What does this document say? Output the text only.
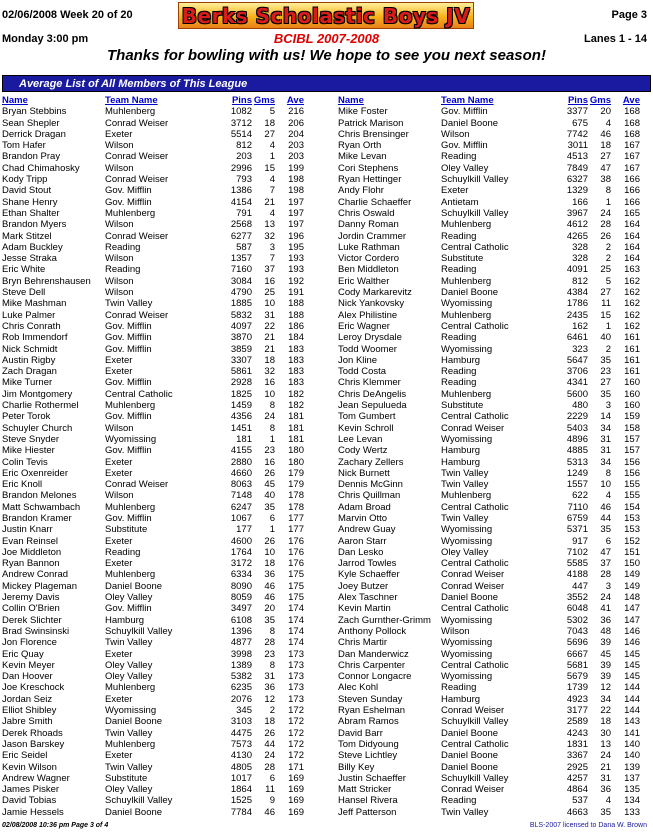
02/06/2008 Week 20 of 20 Berks Scholastic Boys JV	Page 3
Monday 3:00 pm	BCIBL 2007-2008	Lanes 1 - 14
Thanks for bowling with us! We hope to see you next season!
Average List of All Members of This League
Name	Team Name	Pins Gms	Ave
Bryan Stebbins	Muhlenberg	1082	5	216
Sean Shepler	Conrad Weiser	3712	18	206
Derrick Dragan	Exeter	5514	27	204
Tom Hafer	Wilson	812	4	203
Brandon Pray	Conrad Weiser	203	1	203
Chad Chimahosky	Wilson	2996	15	199
Kody Tripp	Conrad Weiser	793	4	198
David Stout	Gov. Mifflin	1386	7	198
Shane Henry	Gov. Mifflin	4154	21	197
Ethan Shalter	Muhlenberg	791	4	197
Brandon Myers	Wilson	2568	13	197
Mark Stitzel	Conrad Weiser	6277	32	196
Adam Buckley	Reading	587	3	195
Jesse Straka	Wilson	1357	7	193
Eric White	Reading	7160	37	193
Bryn Behrenshausen	Wilson	3084	16	192
Steve Dell	Wilson	4790	25	191
Mike Mashman	Twin Valley	1885	10	188
Luke Palmer	Conrad Weiser	5832	31	188
Chris Conrath	Gov. Mifflin	4097	22	186
Rob Immendorf	Gov. Mifflin	3870	21	184
Nick Schmidt	Gov. Mifflin	3859	21	183
Austin Rigby	Exeter	3307	18	183
Zach Dragan	Exeter	5861	32	183
Mike Turner	Gov. Mifflin	2928	16	183
Jim Montgomery	Central Catholic	1825	10	182
Charlie Rothermel	Muhlenberg	1459	8	182
Peter Torok	Gov. Mifflin	4356	24	181
Schuyler Church	Wilson	1451	8	181
Steve Snyder	Wyomissing	181	1	181
Mike Hiester	Gov. Mifflin	4155	23	180
Colin Tevis	Exeter	2880	16	180
Eric Oxenreider	Exeter	4660	26	179
Eric Knoll	Conrad Weiser	8063	45	179
Brandon Melones	Wilson	7148	40	178
Matt Schwambach	Muhlenberg	6247	35	178
Brandon Kramer	Gov. Mifflin	1067	6	177
Justin Knarr	Substitute	177	1	177
Evan Reinsel	Exeter	4600	26	176
Joe Middleton	Reading	1764	10	176
Ryan Bannon	Exeter	3172	18	176
Andrew Conrad	Muhlenberg	6334	36	175
Mickey Plageman	Daniel Boone	8090	46	175
Jeremy Davis	Oley Valley	8059	46	175
Collin O'Brien	Gov. Mifflin	3497	20	174
Derek Slichter	Hamburg	6108	35	174
Brad Swinsinski	Schuylkill Valley	1396	8	174
Jon Florence	Twin Valley	4877	28	174
Eric Quay	Exeter	3998	23	173
Kevin Meyer	Oley Valley	1389	8	173
Dan Hoover	Oley Valley	5382	31	173
Joe Kreschock	Muhlenberg	6235	36	173
Jordan Seiz	Exeter	2076	12	173
Elliot Shibley	Wyomissing	345	2	172
Jabre Smith	Daniel Boone	3103	18	172
Derek Rhoads	Twin Valley	4475	26	172
Jason Barskey	Muhlenberg	7573	44	172
Eric Seidel	Exeter	4130	24	172
Kevin Wilson	Twin Valley	4805	28	171
Andrew Wagner	Substitute	1017	6	169
James Pisker	Oley Valley	1864	11	169
David Tobias	Schuylkill Valley	1525	9	169
Jamie Hessels	Daniel Boone	7784	46	169
Name	Team Name	Pins Gms	Ave
Mike Foster	Gov. Mifflin	3377	20	168
Patrick Marison	Daniel Boone	675	4	168
Chris Brensinger	Wilson	7742	46	168
Ryan Orth	Gov. Mifflin	3011	18	167
Mike Levan	Reading	4513	27	167
Cori Stephens	Oley Valley	7849	47	167
Ryan Hettinger	Schuylkill Valley	6327	38	166
Andy Flohr	Exeter	1329	8	166
Charlie Schaeffer	Antietam	166	1	166
Chris Oswald	Schuylkill Valley	3967	24	165
Danny Roman	Muhlenberg	4612	28	164
Jordin Crammer	Reading	4265	26	164
Luke Rathman	Central Catholic	328	2	164
Victor Cordero	Substitute	328	2	164
Ben Middleton	Reading	4091	25	163
Eric Walther	Muhlenberg	812	5	162
Cody Markarevitz	Daniel Boone	4384	27	162
Nick Yankovsky	Wyomissing	1786	11	162
Alex Philistine	Muhlenberg	2435	15	162
Eric Wagner	Central Catholic	162	1	162
Leroy Drysdale	Reading	6461	40	161
Todd Woomer	Wyomissing	323	2	161
Jon Kline	Hamburg	5647	35	161
Todd Costa	Reading	3706	23	161
Chris Klemmer	Reading	4341	27	160
Chris DeAngelis	Muhlenberg	5600	35	160
Jean Sepulueda	Substitute	480	3	160
Tom Gumbert	Central Catholic	2229	14	159
Kevin Schroll	Conrad Weiser	5403	34	158
Lee Levan	Wyomissing	4896	31	157
Cody Wertz	Hamburg	4885	31	157
Zachary Zellers	Hamburg	5313	34	156
Nick Burnett	Twin Valley	1249	8	156
Dennis McGinn	Twin Valley	1557	10	155
Chris Quillman	Muhlenberg	622	4	155
Adam Broad	Central Catholic	7110	46	154
Marvin Otto	Twin Valley	6759	44	153
Andrew Guay	Wyomissing	5371	35	153
Aaron Starr	Wyomissing	917	6	152
Dan Lesko	Oley Valley	7102	47	151
Jarrod Towles	Central Catholic	5585	37	150
Kyle Schaeffer	Conrad Weiser	4188	28	149
Joey Butzer	Conrad Weiser	447	3	149
Alex Taschner	Daniel Boone	3552	24	148
Kevin Martin	Central Catholic	6048	41	147
Zach Gurnther-Grimm	Wyomissing	5302	36	147
Anthony Pollock	Wilson	7043	48	146
Chris Martir	Wyomissing	5696	39	146
Dan Manderwicz	Wyomissing	6667	45	145
Chris Carpenter	Central Catholic	5681	39	145
Connor Longacre	Wyomissing	5679	39	145
Alec Kohl	Reading	1739	12	144
Steven Sunday	Hamburg	4923	34	144
Ryan Eshelman	Conrad Weiser	3177	22	144
Abram Ramos	Schuylkill Valley	2589	18	143
David Barr	Daniel Boone	4243	30	141
Tom Didyoung	Central Catholic	1831	13	140
Steve Lichtley	Daniel Boone	3367	24	140
Billy Key	Daniel Boone	2925	21	139
Justin Schaeffer	Schuylkill Valley	4257	31	137
Matt Stricker	Conrad Weiser	4864	36	135
Hansel Rivera	Reading	537	4	134
Jeff Patterson	Twin Valley	4663	35	133
02/08/2008 10:36 pm Page 3 of 4	BLS-2007 licensed to Dana W. Brown
